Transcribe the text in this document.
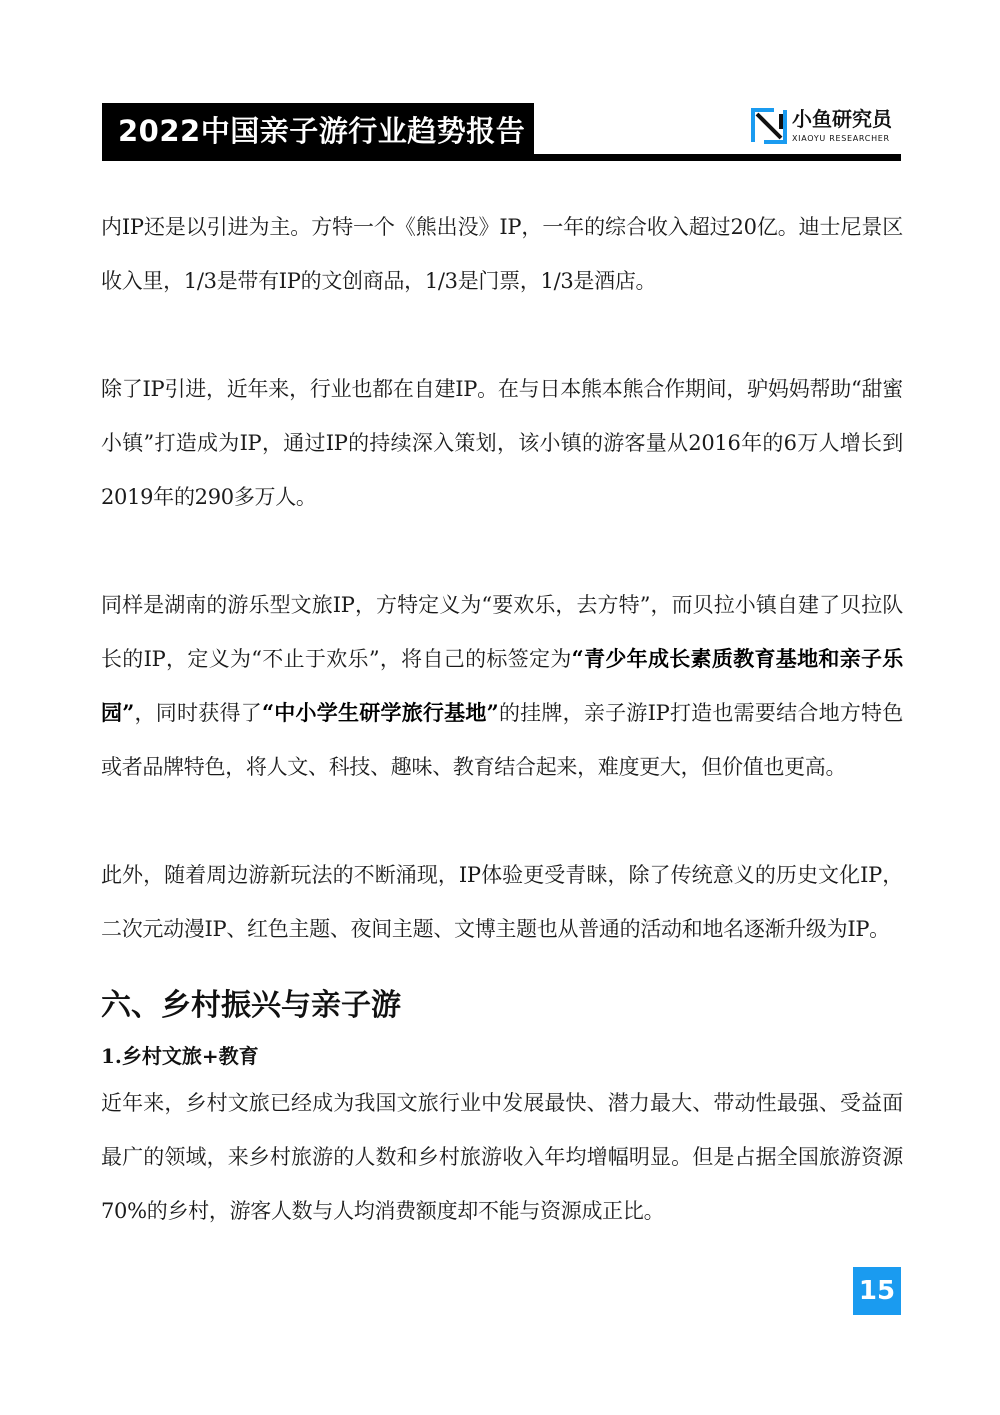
2022中国亲子游行业趋势报告	小鱼研究员
XIAOYU RESEARCHER

内IP还是以引进为主。方特一个《熊出没》IP，一年的综合收入超过20亿。迪士尼景区收入里，1/3是带有IP的文创商品，1/3是门票，1/3是酒店。

除了IP引进，近年来，行业也都在自建IP。在与日本熊本熊合作期间，驴妈妈帮助“甜蜜小镇”打造成为IP，通过IP的持续深入策划，该小镇的游客量从2016年的6万人增长到2019年的290多万人。

同样是湖南的游乐型文旅IP，方特定义为“要欢乐，去方特”，而贝拉小镇自建了贝拉队长的IP，定义为“不止于欢乐”，将自己的标签定为“青少年成长素质教育基地和亲子乐园”，同时获得了“中小学生研学旅行基地”的挂牌，亲子游IP打造也需要结合地方特色或者品牌特色，将人文、科技、趣味、教育结合起来，难度更大，但价值也更高。

此外，随着周边游新玩法的不断涌现，IP体验更受青睐，除了传统意义的历史文化IP，二次元动漫IP、红色主题、夜间主题、文博主题也从普通的活动和地名逐渐升级为IP。

六、乡村振兴与亲子游
1.乡村文旅+教育

近年来，乡村文旅已经成为我国文旅行业中发展最快、潜力最大、带动性最强、受益面最广的领域，来乡村旅游的人数和乡村旅游收入年均增幅明显。但是占据全国旅游资源70%的乡村，游客人数与人均消费额度却不能与资源成正比。

15
